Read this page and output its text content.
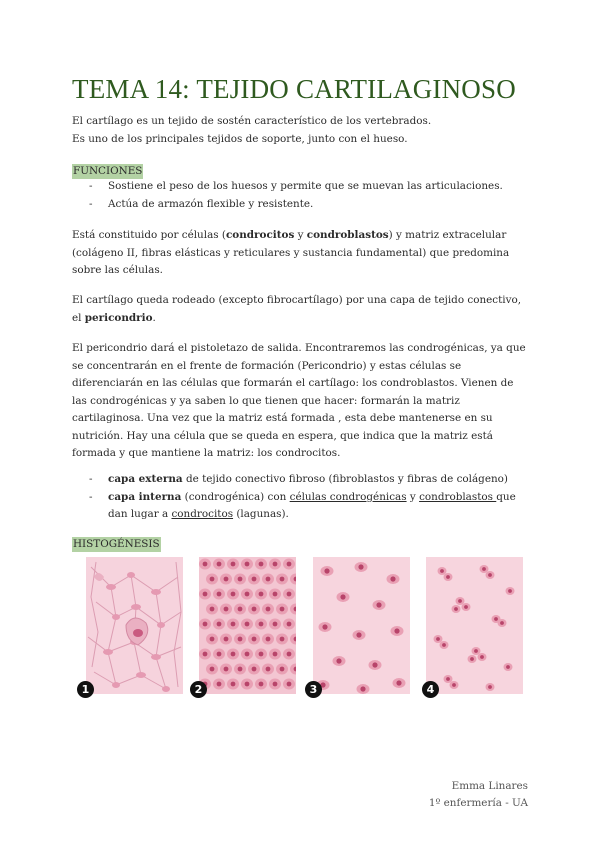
TEMA 14: TEJIDO CARTILAGINOSO

El cartílago es un tejido de sostén característico de los vertebrados.
Es uno de los principales tejidos de soporte, junto con el hueso.

FUNCIONES
- Sostiene el peso de los huesos y permite que se muevan las articulaciones.
- Actúa de armazón flexible y resistente.

Está constituido por células (condrocitos y condroblastos) y matriz extracelular (colágeno II, fibras elásticas y reticulares y sustancia fundamental) que predomina sobre las células.

El cartílago queda rodeado (excepto fibrocartílago) por una capa de tejido conectivo, el pericondrio.

El pericondrio dará el pistoletazo de salida. Encontraremos las condrogénicas, ya que se concentrarán en el frente de formación (Pericondrio) y estas células se diferenciarán en las células que formarán el cartílago: los condroblastos. Vienen de las condrogénicas y ya saben lo que tienen que hacer: formarán la matriz cartilaginosa. Una vez que la matriz está formada , esta debe mantenerse en su nutrición. Hay una célula que se queda en espera, que indica que la matriz está formada y que mantiene la matriz: los condrocitos.

- capa externa de tejido conectivo fibroso (fibroblastos y fibras de colágeno)
- capa interna (condrogénica) con células condrogénicas y condroblastos que dan lugar a condrocitos (lagunas).
HISTOGÉNESIS
1	2	3	4
Emma Linares
1º enfermería - UA
